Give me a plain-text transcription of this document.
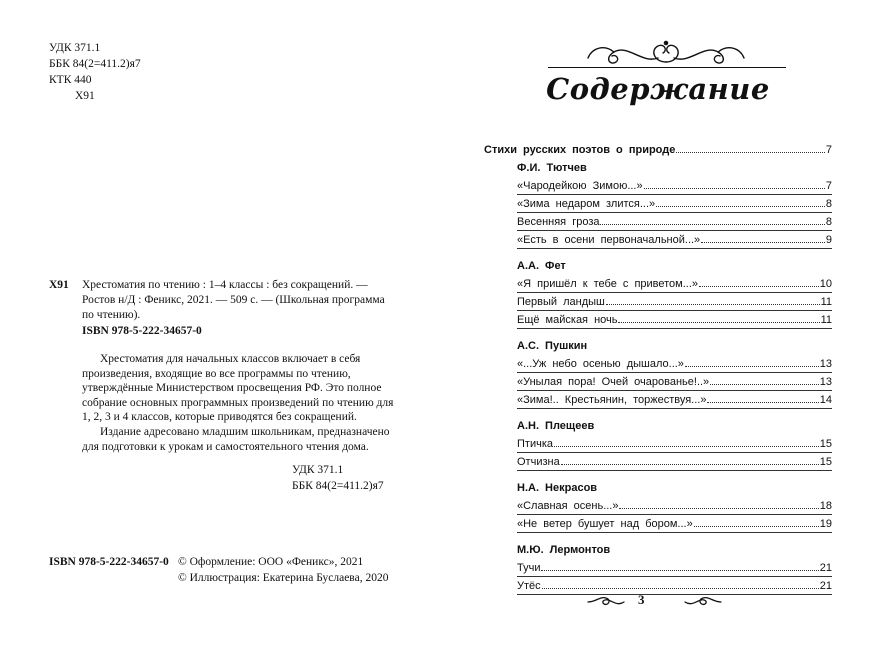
УДК 371.1
ББК 84(2=411.2)я7
КТК 440
Х91
Х91 Хрестоматия по чтению : 1–4 классы : без сокращений. — Ростов н/Д : Феникс, 2021. — 509 с. — (Школьная программа по чтению).
ISBN 978-5-222-34657-0

Хрестоматия для начальных классов включает в себя произведения, входящие во все программы по чтению, утверждённые Министерством просвещения РФ. Это полное собрание основных программных произведений по чтению для 1, 2, 3 и 4 классов, которые приводятся без сокращений.

Издание адресовано младшим школьникам, предназначено для подготовки к урокам и самостоятельного чтения дома.

УДК 371.1
ББК 84(2=411.2)я7
ISBN 978-5-222-34657-0 © Оформление: ООО «Феникс», 2021
© Иллюстрация: Екатерина Буслаева, 2020
Содержание
Стихи русских поэтов о природе	7
Ф.И. Тютчев
«Чародейкою Зимою...»	7
«Зима недаром злится...»	8
Весенняя гроза	8
«Есть в осени первоначальной...»	9
А.А. Фет
«Я пришёл к тебе с приветом...»	10
Первый ландыш	11
Ещё майская ночь	11
А.С. Пушкин
«...Уж небо осенью дышало...»	13
«Унылая пора! Очей очарованье!..»	13
«Зима!.. Крестьянин, торжествуя...»	14
А.Н. Плещеев
Птичка	15
Отчизна	15
Н.А. Некрасов
«Славная осень...»	18
«Не ветер бушует над бором...»	19
М.Ю. Лермонтов
Тучи	21
Утёс	21
3
